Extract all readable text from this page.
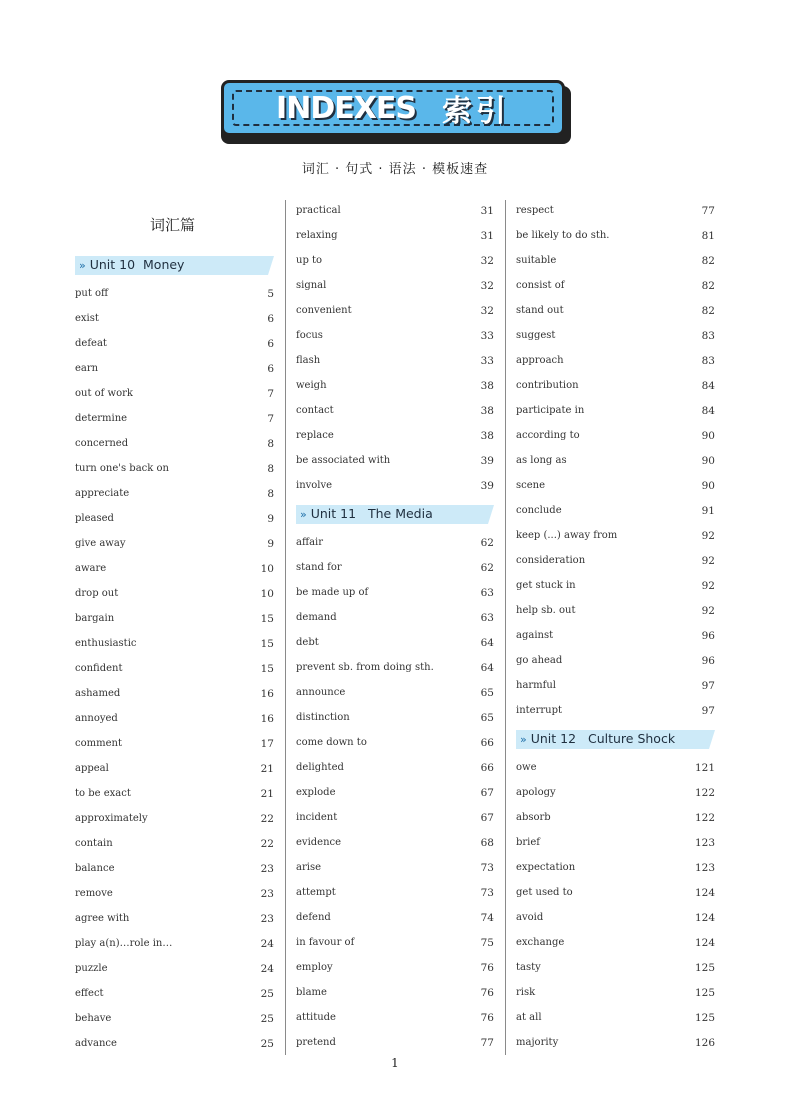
INDEXES 索引
词汇 · 句式 · 语法 · 模板速查
词汇篇
» Unit 10  Money
put off	5
exist	6
defeat	6
earn	6
out of work	7
determine	7
concerned	8
turn one's back on	8
appreciate	8
pleased	9
give away	9
aware	10
drop out	10
bargain	15
enthusiastic	15
confident	15
ashamed	16
annoyed	16
comment	17
appeal	21
to be exact	21
approximately	22
contain	22
balance	23
remove	23
agree with	23
play a(n)…role in…	24
puzzle	24
effect	25
behave	25
advance	25
practical	31
relaxing	31
up to	32
signal	32
convenient	32
focus	33
flash	33
weigh	38
contact	38
replace	38
be associated with	39
involve	39
» Unit 11   The Media
affair	62
stand for	62
be made up of	63
demand	63
debt	64
prevent sb. from doing sth.	64
announce	65
distinction	65
come down to	66
delighted	66
explode	67
incident	67
evidence	68
arise	73
attempt	73
defend	74
in favour of	75
employ	76
blame	76
attitude	76
pretend	77
respect	77
be likely to do sth.	81
suitable	82
consist of	82
stand out	82
suggest	83
approach	83
contribution	84
participate in	84
according to	90
as long as	90
scene	90
conclude	91
keep (...) away from	92
consideration	92
get stuck in	92
help sb. out	92
against	96
go ahead	96
harmful	97
interrupt	97
» Unit 12   Culture Shock
owe	121
apology	122
absorb	122
brief	123
expectation	123
get used to	124
avoid	124
exchange	124
tasty	125
risk	125
at all	125
majority	126
1
